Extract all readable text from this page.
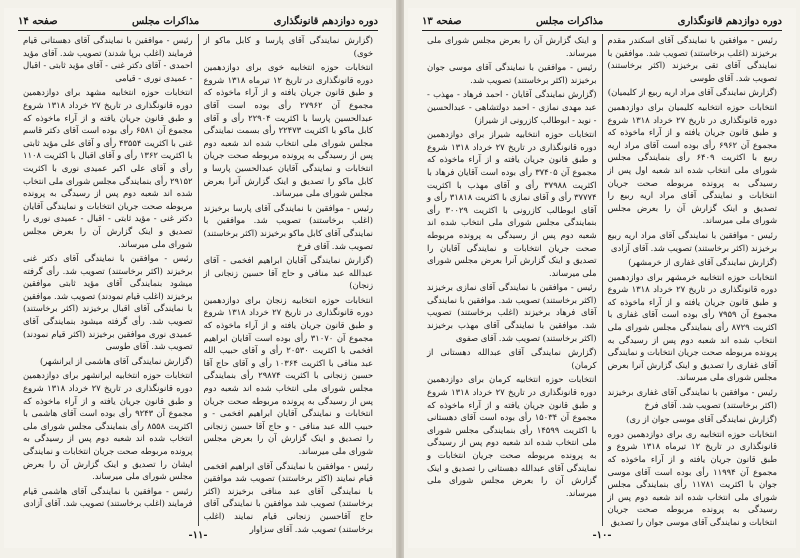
دوره دوازدهم قانونگذاری
مذاکرات مجلس
صفحه ۱۴

(گزارش نمایندگی آقای پارسا و کابل ماکو از خوی)

انتخابات حوزه انتخابیه خوی برای دوازدهمین دوره قانونگذاری در تاریخ ۱۲ تیرماه ۱۳۱۸ شروع و طبق قانون جریان یافته و از آراء ماخوذه که مجموع آن ۲۷۹۶۲ رأی بوده است آقای عبدالحسین پارسا با اکثریت ۲۲۹۰۴ رأی و آقای کابل ماکو با اکثریت ۲۲۴۷۳ رأی بسمت نمایندگی مجلس شورای ملی انتخاب شده اند شعبه دوم پس از رسیدگی به پرونده مربوطه صحت جریان انتخابات و نمایندگی آقایان عبدالحسین پارسا و کابل ماکو را تصدیق و اینک گزارش آنرا بعرض مجلس شورای ملی میرساند.

رئیس - موافقین با نمایندگی آقای پارسا برخیزند (اغلب برخاستند) تصویب شد. موافقین با نمایندگی آقای کابل ماکو برخیزند (اکثر برخاستند) تصویب شد. آقای فرخ

(گزارش نمایندگی آقایان ابراهیم افخمی - آقای عبدالله عبد منافی و حاج آقا حسین زنجانی از زنجان)

انتخابات حوزه انتخابیه زنجان برای دوازدهمین دوره قانونگذاری در تاریخ ۲۷ خرداد ۱۳۱۸ شروع و طبق قانون جریان یافته و از آراء ماخوذه که مجموع آن ۳۱۰۷۰ رأی بوده است آقایان ابراهیم افخمی با اکثریت ۲۰۵۳۰ رأی و آقای حبیب الله عبد منافی با اکثریت ۱۰۳۶۴ رأی و آقای حاج آقا حسین زنجانی با اکثریت ۲۹۸۷۴ رأی بنمایندگی مجلس شورای ملی انتخاب شده اند شعبه دوم پس از رسیدگی به پرونده مربوطه صحت جریان انتخابات و نمایندگی آقایان ابراهیم افخمی - و حبیب الله عبد منافی - و حاج آقا حسین زنجانی را تصدیق و اینک گزارش آن را بعرض مجلس شورای ملی میرساند.

رئیس - موافقین با نمایندگی آقای ابراهیم افخمی قیام نمایند (اکثر برخاستند) تصویب شد موافقین با نمایندگی آقای عبد منافی برخیزند (اکثر برخاستند) تصویب شد موافقین با نمایندگی آقای حاج آقاحسین زنجانی قیام نمایند (اغلب برخاستند) تصویب شد. آقای سزاوار

رئیس - موافقین با نمایندگی آقای دهستانی قیام فرمایند (اغلب برپا شدند) تصویب شد. آقای مؤید احمدی - آقای دکتر غنی - آقای مؤید ثابتی - اقبال - عمیدی نوری - قیامی

انتخابات حوزه انتخابیه مشهد برای دوازدهمین دوره قانونگذاری در تاریخ ۲۷ خرداد ۱۳۱۸ شروع و طبق قانون جریان یافته و از آراء ماخوذه که مجموع آن ۶۵۸۱ رأی بوده است آقای دکتر قاسم غنی با اکثریت ۴۳۵۵۴ رأی و آقای علی مؤید ثابتی با اکثریت ۱۳۶۲ رأی و آقای اقبال با اکثریت ۱۱۰۸ رأی و آقای علی اکبر عمیدی نوری با اکثریت ۲۹۱۵۲ رأی بنمایندگی مجلس شورای ملی انتخاب شده اند شعبه دوم پس از رسیدگی به پرونده مربوطه صحت جریان انتخابات و نمایندگی آقایان دکتر غنی - مؤید ثابتی - اقبال - عمیدی نوری را تصدیق و اینک گزارش آن را بعرض مجلس شورای ملی میرساند.

رئیس - موافقین با نمایندگی آقای دکتر غنی برخیزند (اکثر برخاستند) تصویب شد. رأی گرفته میشود بنمایندگی آقای مؤید ثابتی موافقین برخیزند (اغلب قیام نمودند) تصویب شد. موافقین با نمایندگی آقای اقبال برخیزند (اکثر برخاستند) تصویب شد. رأی گرفته میشود بنمایندگی آقای عمیدی نوری موافقین برخیزند (اکثر قیام نمودند) تصویب شد. آقای طوسی

(گزارش نمایندگی آقای هاشمی از ایرانشهر)

انتخابات حوزه انتخابیه ایرانشهر برای دوازدهمین دوره قانونگذاری در تاریخ ۲۷ خرداد ۱۳۱۸ شروع و طبق قانون جریان یافته و از آراء ماخوذه که مجموع آن ۹۲۴۳ رأی بوده است آقای هاشمی با اکثریت ۸۵۵۸ رأی بنمایندگی مجلس شورای ملی انتخاب شده اند شعبه دوم پس از رسیدگی به پرونده مربوطه صحت جریان انتخابات و نمایندگی ایشان را تصدیق و اینک گزارش آن را بعرض مجلس شورای ملی میرساند.

رئیس - موافقین با نمایندگی آقای هاشمی قیام فرمایند (اغلب برخاستند) تصویب شد. آقای آزادی

-۱۱-
دوره دوازدهم قانونگذاری
مذاکرات مجلس
صفحه ۱۳

رئیس - موافقین با نمایندگی آقای اسکندر مقدم برخیزند (اغلب برخاستند) تصویب شد. موافقین با نمایندگی آقای تقی برخیزند (اکثر برخاستند) تصویب شد. آقای طوسی

(گزارش نمایندگی آقای مراد اریه ربیع از کلیمیان)

انتخابات حوزه انتخابیه کلیمیان برای دوازدهمین دوره قانونگذاری در تاریخ ۲۷ خرداد ۱۳۱۸ شروع و طبق قانون جریان یافته و از آراء ماخوذه که مجموع آن ۶۹۶۲ رأی بوده است آقای مراد اریه ربیع با اکثریت ۶۴۰۹ رأی بنمایندگی مجلس شورای ملی انتخاب شده اند شعبه اول پس از رسیدگی به پرونده مربوطه صحت جریان انتخابات و نمایندگی آقای مراد اریه ربیع را تصدیق و اینک گزارش آن را بعرض مجلس شورای ملی میرساند.

رئیس - موافقین با نمایندگی آقای مراد اریه ربیع برخیزند (اکثر برخاستند) تصویب شد. آقای آزادی

(گزارش نمایندگی آقای غفاری از خرمشهر)

انتخابات حوزه انتخابیه خرمشهر برای دوازدهمین دوره قانونگذاری در تاریخ ۲۷ خرداد ۱۳۱۸ شروع و طبق قانون جریان یافته و از آراء ماخوذه که مجموع آن ۷۹۵۹ رأی بوده است آقای غفاری با اکثریت ۸۷۲۹ رأی بنمایندگی مجلس شورای ملی انتخاب شده اند شعبه دوم پس از رسیدگی به پرونده مربوطه صحت جریان انتخابات و نمایندگی آقای غفاری را تصدیق و اینک گزارش آنرا بعرض مجلس شورای ملی میرساند.

رئیس - موافقین با نمایندگی آقای غفاری برخیزند (اکثر برخاستند) تصویب شد. آقای فرخ

(گزارش نمایندگی آقای موسی جوان از ری)

انتخابات حوزه انتخابیه ری برای دوازدهمین دوره قانونگذاری در تاریخ ۱۲ تیرماه ۱۳۱۸ شروع و طبق قانون جریان یافته و از آراء ماخوذه که مجموع آن ۱۱۹۹۴ رأی بوده است آقای موسی جوان با اکثریت ۱۱۷۸۱ رأی بنمایندگی مجلس شورای ملی انتخاب شده اند شعبه دوم پس از رسیدگی به پرونده مربوطه صحت جریان انتخابات و نمایندگی آقای موسی جوان را تصدیق

و اینک گزارش آن را بعرض مجلس شورای ملی میرساند.

رئیس - موافقین با نمایندگی آقای موسی جوان برخیزند (اکثر برخاستند) تصویب شد.

(گزارش نمایندگی آقایان - احمد فرهاد - مهذب - عبد مهدی نمازی - احمد دولتشاهی - عبدالحسین - نوید - ابوطالب کازرونی از شیراز)

انتخابات حوزه انتخابیه شیراز برای دوازدهمین دوره قانونگذاری در تاریخ ۲۷ خرداد ۱۳۱۸ شروع و طبق قانون جریان یافته و از آراء ماخوذه که مجموع آن ۳۷۴۰۵ رأی بوده است آقایان فرهاد با اکثریت ۳۷۹۸۸ رأی و آقای مهذب با اکثریت ۳۷۷۷۴ رأی و آقای نمازی با اکثریت ۳۱۸۱۸ رأی و آقای ابوطالب کازرونی با اکثریت ۳۰۰۲۹ رأی بنمایندگی مجلس شورای ملی انتخاب شده اند شعبه دوم پس از رسیدگی به پرونده مربوطه صحت جریان انتخابات و نمایندگی آقایان را تصدیق و اینک گزارش آنرا بعرض مجلس شورای ملی میرساند.

رئیس - موافقین با نمایندگی آقای نمازی برخیزند (اکثر برخاستند) تصویب شد. موافقین با نمایندگی آقای فرهاد برخیزند (اغلب برخاستند) تصویب شد. موافقین با نمایندگی آقای مهذب برخیزند (اکثر برخاستند) تصویب شد. آقای صفوی

(گزارش نمایندگی آقای عبدالله دهستانی از کرمان)

انتخابات حوزه انتخابیه کرمان برای دوازدهمین دوره قانونگذاری در تاریخ ۲۷ خرداد ۱۳۱۸ شروع و طبق قانون جریان یافته و از آراء ماخوذه که مجموع آن ۱۵۰۳۴ رأی بوده است آقای دهستانی با اکثریت ۱۴۵۹۹ رأی بنمایندگی مجلس شورای ملی انتخاب شده اند شعبه دوم پس از رسیدگی به پرونده مربوطه صحت جریان انتخابات و نمایندگی آقای عبدالله دهستانی را تصدیق و اینک گزارش آن را بعرض مجلس شورای ملی میرساند.

-۱۰-
